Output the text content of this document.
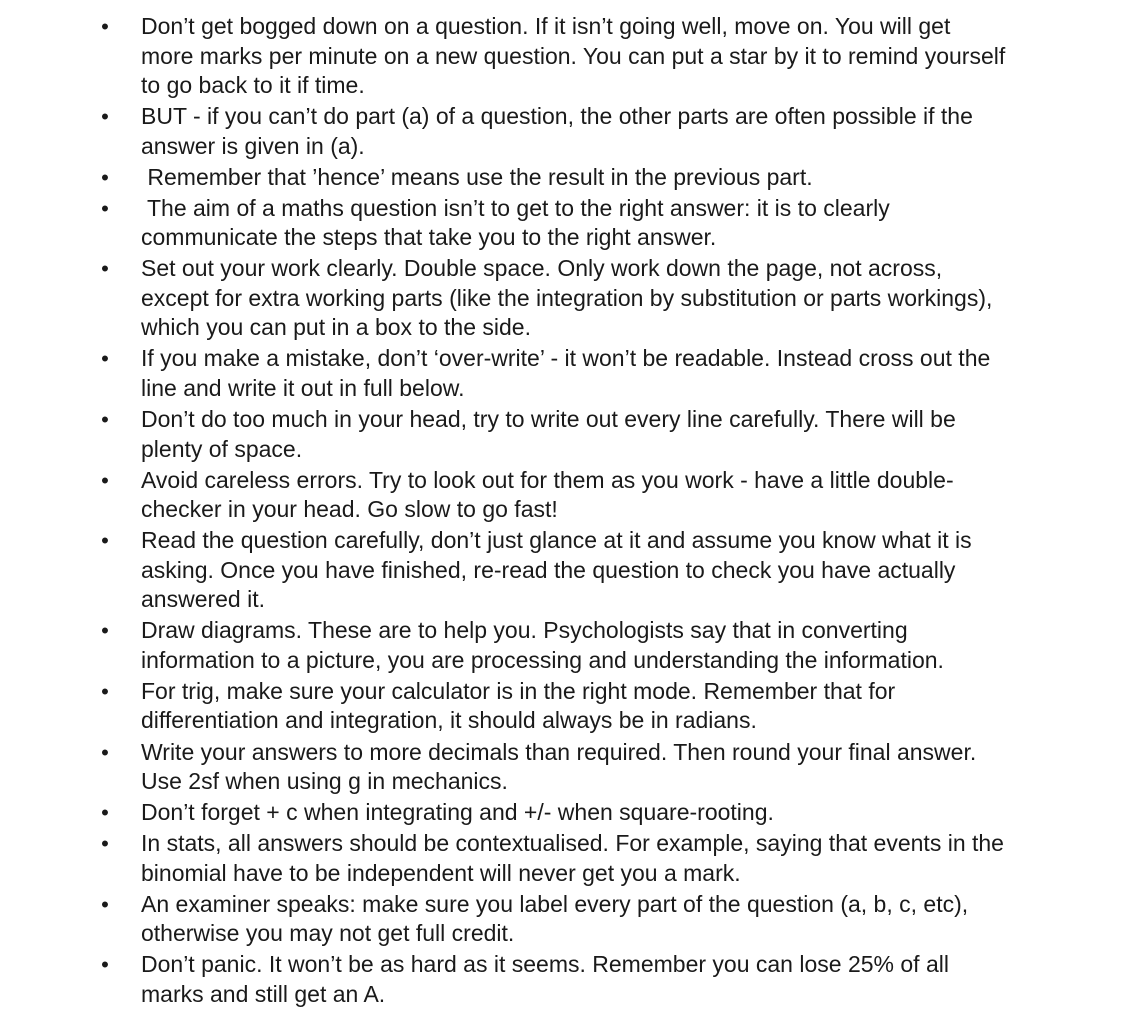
• Don’t get bogged down on a question. If it isn’t going well, move on. You will get
more marks per minute on a new question. You can put a star by it to remind yourself
to go back to it if time.
• BUT - if you can’t do part (a) of a question, the other parts are often possible if the
answer is given in (a).
• Remember that ’hence’ means use the result in the previous part.
• The aim of a maths question isn’t to get to the right answer: it is to clearly
communicate the steps that take you to the right answer.
• Set out your work clearly. Double space. Only work down the page, not across,
except for extra working parts (like the integration by substitution or parts workings),
which you can put in a box to the side.
• If you make a mistake, don’t ‘over-write’ - it won’t be readable. Instead cross out the
line and write it out in full below.
• Don’t do too much in your head, try to write out every line carefully. There will be
plenty of space.
• Avoid careless errors. Try to look out for them as you work - have a little double-
checker in your head. Go slow to go fast!
• Read the question carefully, don’t just glance at it and assume you know what it is
asking. Once you have finished, re-read the question to check you have actually
answered it.
• Draw diagrams. These are to help you. Psychologists say that in converting
information to a picture, you are processing and understanding the information.
• For trig, make sure your calculator is in the right mode. Remember that for
differentiation and integration, it should always be in radians.
• Write your answers to more decimals than required. Then round your final answer.
Use 2sf when using g in mechanics.
• Don’t forget + c when integrating and +/- when square-rooting.
• In stats, all answers should be contextualised. For example, saying that events in the
binomial have to be independent will never get you a mark.
• An examiner speaks: make sure you label every part of the question (a, b, c, etc),
otherwise you may not get full credit.
• Don’t panic. It won’t be as hard as it seems. Remember you can lose 25% of all
marks and still get an A.
